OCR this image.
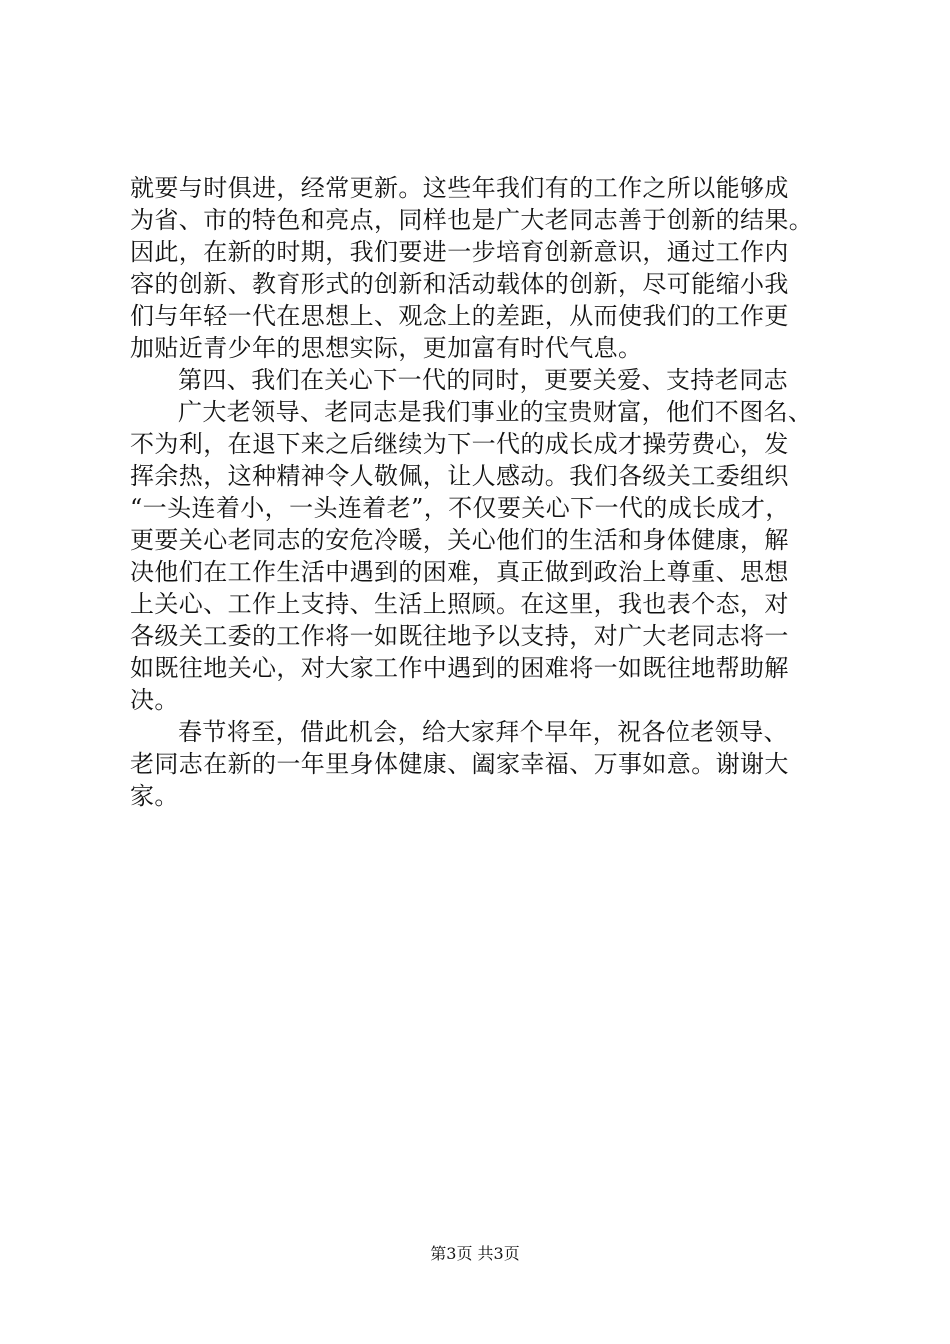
就要与时俱进，经常更新。这些年我们有的工作之所以能够成
为省、市的特色和亮点，同样也是广大老同志善于创新的结果。
因此，在新的时期，我们要进一步培育创新意识，通过工作内
容的创新、教育形式的创新和活动载体的创新，尽可能缩小我
们与年轻一代在思想上、观念上的差距，从而使我们的工作更
加贴近青少年的思想实际，更加富有时代气息。
第四、我们在关心下一代的同时，更要关爱、支持老同志
广大老领导、老同志是我们事业的宝贵财富，他们不图名、
不为利，在退下来之后继续为下一代的成长成才操劳费心，发
挥余热，这种精神令人敬佩，让人感动。我们各级关工委组织
“一头连着小，一头连着老”，不仅要关心下一代的成长成才，
更要关心老同志的安危冷暖，关心他们的生活和身体健康，解
决他们在工作生活中遇到的困难，真正做到政治上尊重、思想
上关心、工作上支持、生活上照顾。在这里，我也表个态，对
各级关工委的工作将一如既往地予以支持，对广大老同志将一
如既往地关心，对大家工作中遇到的困难将一如既往地帮助解
决。
春节将至，借此机会，给大家拜个早年，祝各位老领导、
老同志在新的一年里身体健康、阖家幸福、万事如意。谢谢大
家。
第3页 共3页
